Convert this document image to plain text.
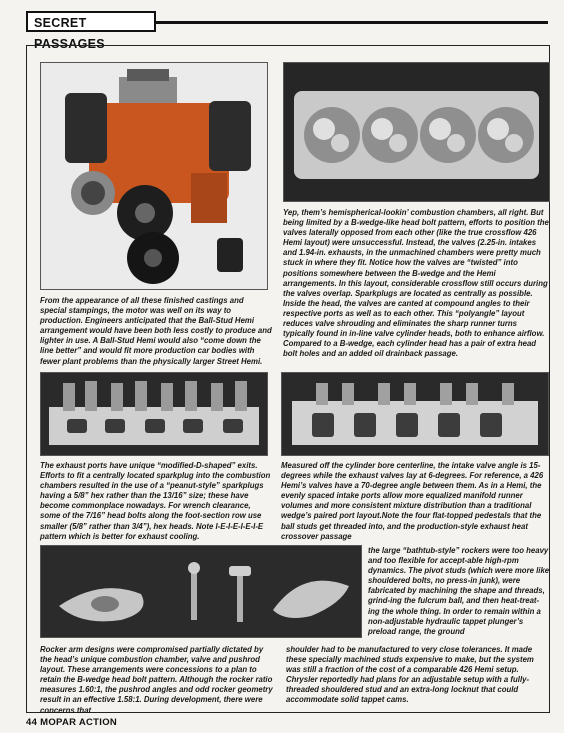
SECRET PASSAGES

From the appearance of all these finished castings and special stampings, the motor was well on its way to production. Engineers anticipated that the Ball-Stud Hemi arrangement would have been both less costly to produce and lighter in use. A Ball-Stud Hemi would also “come down the line better” and would fit more production car bodies with fewer plant problems than the physically larger Street Hemi.

Yep, them’s hemispherical-lookin’ combustion chambers, all right. But being limited by a B-wedge-like head bolt pattern, efforts to position the valves laterally opposed from each other (like the true crossflow 426 Hemi layout) were unsuccessful. Instead, the valves (2.25-in. intakes and 1.94-in. exhausts, in the unmachined chambers were pretty much stuck in where they fit. Notice how the valves are “twisted” into positions somewhere between the B-wedge and the Hemi arrangements. In this layout, considerable crossflow still occurs during the valves overlap. Sparkplugs are located as centrally as possible. Inside the head, the valves are canted at compound angles to their respective ports as well as to each other. This “polyangle” layout reduces valve shrouding and eliminates the sharp runner turns typically found in in-line valve cylinder heads, both to enhance airflow. Compared to a B-wedge, each cylinder head has a pair of extra head bolt holes and an added oil drainback passage.

The exhaust ports have unique “modified-D-shaped” exits. Efforts to fit a centrally located sparkplug into the combustion chambers resulted in the use of a “peanut-style” sparkplugs having a 5/8” hex rather than the 13/16” size; these have become commonplace nowadays. For wrench clearance, some of the 7/16” head bolts along the foot-section row use smaller (5/8” rather than 3/4”), hex heads. Note I-E-I-E-I-E-I-E pattern which is better for exhaust cooling.

Measured off the cylinder bore centerline, the intake valve angle is 15-degrees while the exhaust valves lay at 6-degrees. For reference, a 426 Hemi’s valves have a 70-degree angle between them. As in a Hemi, the evenly spaced intake ports allow more equalized manifold runner volumes and more consistent mixture distribution than a traditional wedge’s paired port layout.Note the four flat-topped pedestals that the ball studs get threaded into, and the production-style exhaust heat crossover passage

the large “bathtub-style” rockers were too heavy and too flexible for accept-able high-rpm dynamics. The pivot studs (which were more like shouldered bolts, no press-in junk), were fabricated by machining the shape and threads, grind-ing the fulcrum ball, and then heat-treat-ing the whole thing. In order to remain within a non-adjustable hydraulic tappet plunger’s preload range, the ground

Rocker arm designs were compromised partially dictated by the head’s unique combustion chamber, valve and pushrod layout. These arrangements were concessions to a plan to retain the B-wedge head bolt pattern. Although the rocker ratio measures 1.60:1, the pushrod angles and odd rocker geometry result in an effective 1.58:1. During development, there were concerns that

shoulder had to be manufactured to very close tolerances. It made these specially machined studs expensive to make, but the system was still a fraction of the cost of a comparable 426 Hemi setup. Chrysler reportedly had plans for an adjustable setup with a fully-threaded shouldered stud and an extra-long locknut that could accommodate solid tappet cams.

44 MOPAR ACTION
